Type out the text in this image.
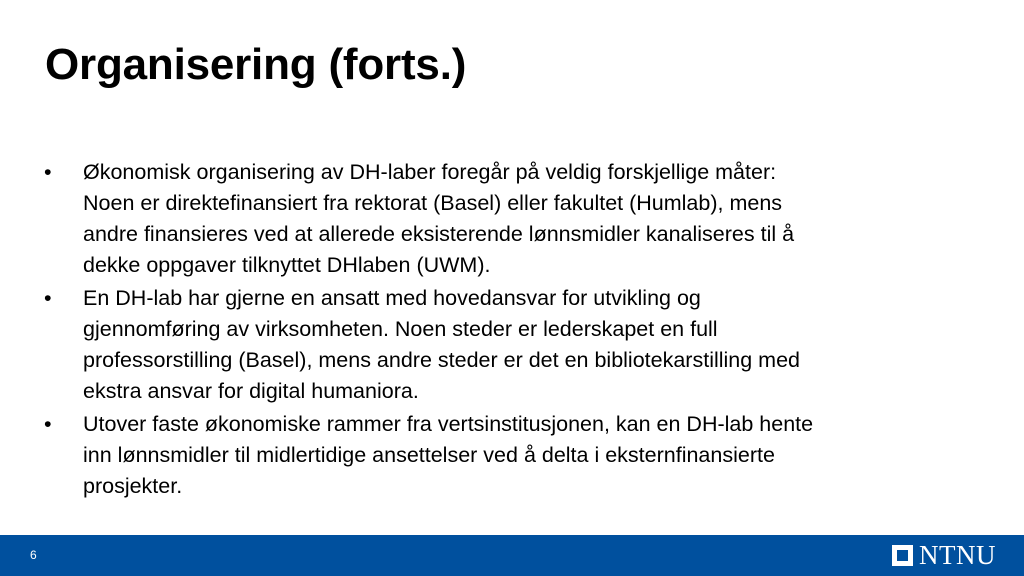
Organisering (forts.)
• Økonomisk organisering av DH-laber foregår på veldig forskjellige måter:
Noen er direktefinansiert fra rektorat (Basel) eller fakultet (Humlab), mens
andre finansieres ved at allerede eksisterende lønnsmidler kanaliseres til å
dekke oppgaver tilknyttet DHlaben (UWM).
• En DH-lab har gjerne en ansatt med hovedansvar for utvikling og
gjennomføring av virksomheten. Noen steder er lederskapet en full
professorstilling (Basel), mens andre steder er det en bibliotekarstilling med
ekstra ansvar for digital humaniora.
• Utover faste økonomiske rammer fra vertsinstitusjonen, kan en DH-lab hente
inn lønnsmidler til midlertidige ansettelser ved å delta i eksternfinansierte
prosjekter.
6	NTNU
